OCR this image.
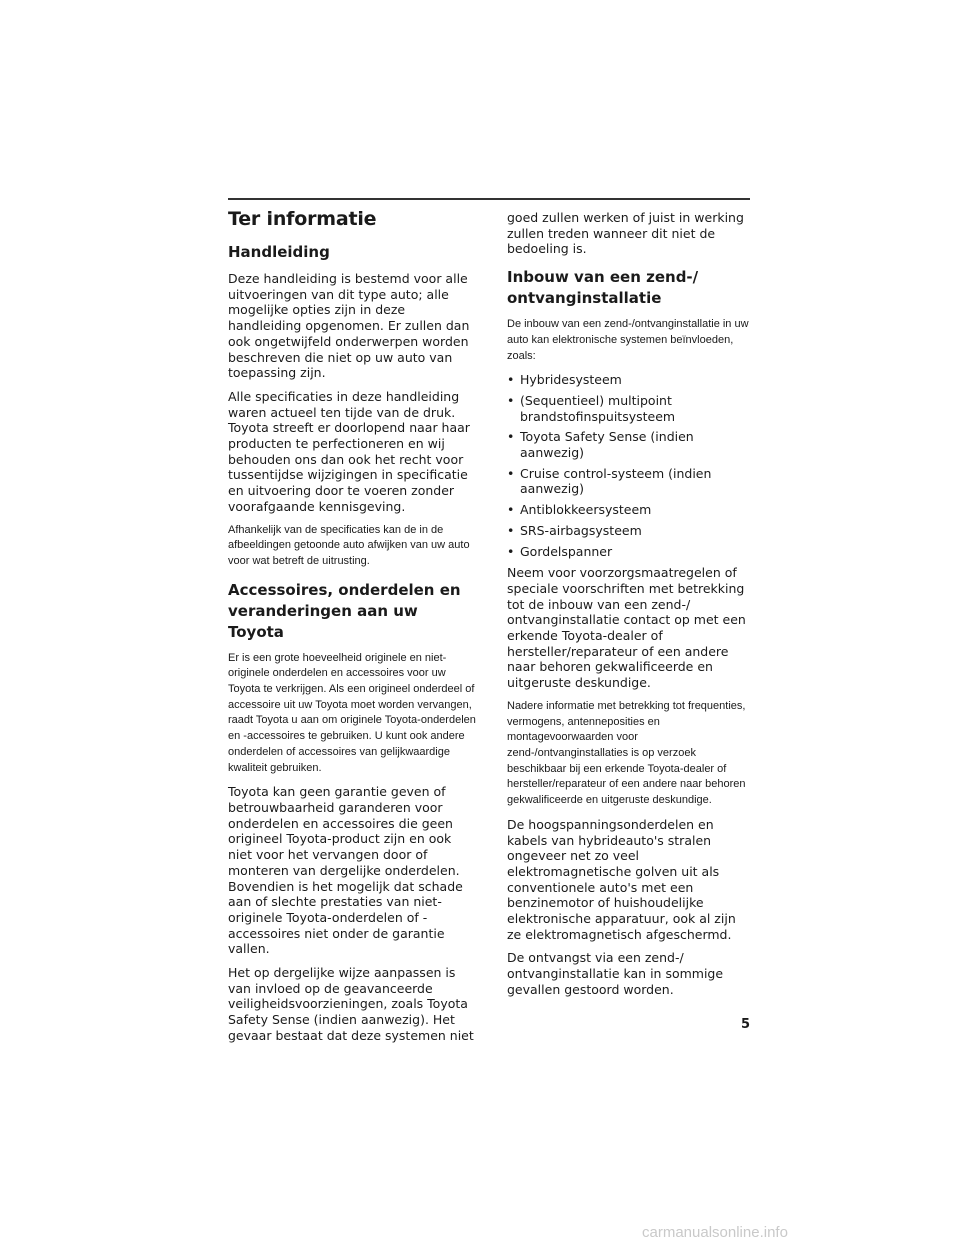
Ter informatie
Handleiding

Deze handleiding is bestemd voor alle uitvoeringen van dit type auto; alle mogelijke opties zijn in deze handleiding opgenomen. Er zullen dan ook ongetwijfeld onderwerpen worden beschreven die niet op uw auto van toepassing zijn.

Alle specificaties in deze handleiding waren actueel ten tijde van de druk. Toyota streeft er doorlopend naar haar producten te perfectioneren en wij behouden ons dan ook het recht voor tussentijdse wijzigingen in specificatie en uitvoering door te voeren zonder voorafgaande kennisgeving.

Afhankelijk van de specificaties kan de in de afbeeldingen getoonde auto afwijken van uw auto voor wat betreft de uitrusting.

Accessoires, onderdelen en veranderingen aan uw Toyota

Er is een grote hoeveelheid originele en niet-originele onderdelen en accessoires voor uw Toyota te verkrijgen. Als een origineel onderdeel of accessoire uit uw Toyota moet worden vervangen, raadt Toyota u aan om originele Toyota-onderdelen en -accessoires te gebruiken. U kunt ook andere onderdelen of accessoires van gelijkwaardige kwaliteit gebruiken.

Toyota kan geen garantie geven of betrouwbaarheid garanderen voor onderdelen en accessoires die geen origineel Toyota-product zijn en ook niet voor het vervangen door of monteren van dergelijke onderdelen. Bovendien is het mogelijk dat schade aan of slechte prestaties van niet-originele Toyota-onderdelen of -accessoires niet onder de garantie vallen.

Het op dergelijke wijze aanpassen is van invloed op de geavanceerde veiligheidsvoorzieningen, zoals Toyota Safety Sense (indien aanwezig). Het gevaar bestaat dat deze systemen niet

goed zullen werken of juist in werking zullen treden wanneer dit niet de bedoeling is.

Inbouw van een zend-/ ontvanginstallatie

De inbouw van een zend-/ontvanginstallatie in uw auto kan elektronische systemen beïnvloeden, zoals:

• Hybridesysteem
• (Sequentieel) multipoint brandstofinspuitsysteem
• Toyota Safety Sense (indien aanwezig)
• Cruise control-systeem (indien aanwezig)
• Antiblokkeersysteem
• SRS-airbagsysteem
• Gordelspanner

Neem voor voorzorgsmaatregelen of speciale voorschriften met betrekking tot de inbouw van een zend-/ ontvanginstallatie contact op met een erkende Toyota-dealer of hersteller/reparateur of een andere naar behoren gekwalificeerde en uitgeruste deskundige.

Nadere informatie met betrekking tot frequenties, vermogens, antenneposities en montagevoorwaarden voor zend-/ontvanginstallaties is op verzoek beschikbaar bij een erkende Toyota-dealer of hersteller/reparateur of een andere naar behoren gekwalificeerde en uitgeruste deskundige.

De hoogspanningsonderdelen en kabels van hybrideauto's stralen ongeveer net zo veel elektromagnetische golven uit als conventionele auto's met een benzinemotor of huishoudelijke elektronische apparatuur, ook al zijn ze elektromagnetisch afgeschermd.

De ontvangst via een zend-/ ontvanginstallatie kan in sommige gevallen gestoord worden.

5
carmanualsonline.info
